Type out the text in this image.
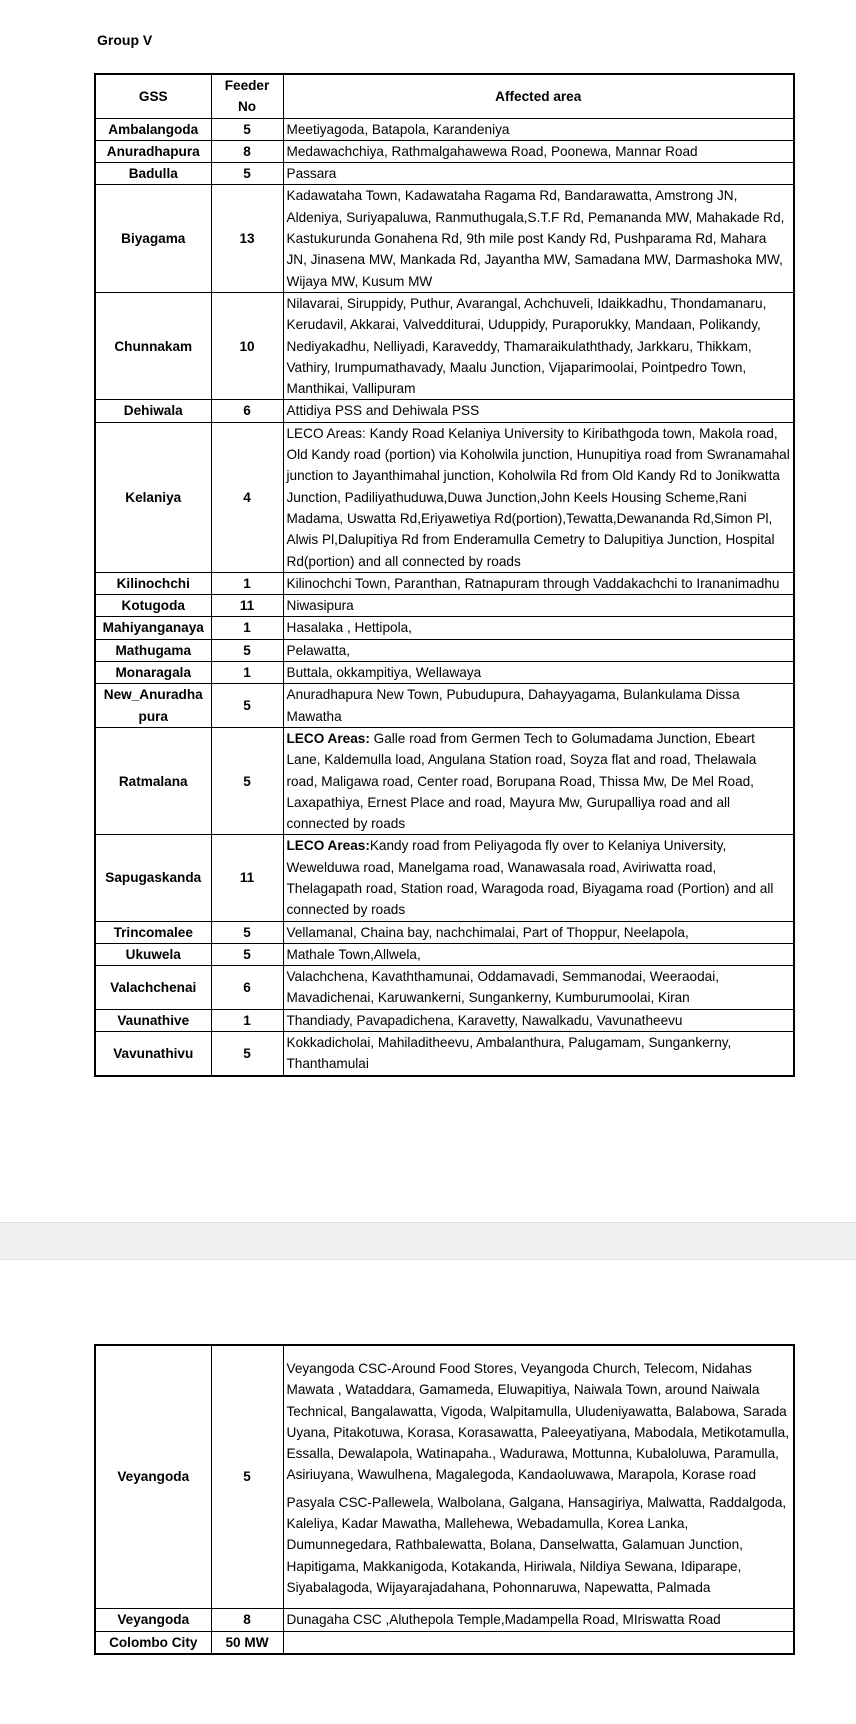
Group V
GSS	Feeder No	Affected area
Ambalangoda	5	Meetiyagoda, Batapola, Karandeniya
Anuradhapura	8	Medawachchiya, Rathmalgahawewa Road, Poonewa, Mannar Road
Badulla	5	Passara
Biyagama	13	Kadawataha Town, Kadawataha Ragama Rd, Bandarawatta, Amstrong JN, Aldeniya, Suriyapaluwa, Ranmuthugala,S.T.F Rd, Pemananda MW, Mahakade Rd, Kastukurunda Gonahena Rd, 9th mile post Kandy Rd, Pushparama Rd, Mahara JN, Jinasena MW, Mankada Rd, Jayantha MW, Samadana MW, Darmashoka MW, Wijaya MW, Kusum MW
Chunnakam	10	Nilavarai, Siruppidy, Puthur, Avarangal, Achchuveli, Idaikkadhu, Thondamanaru, Kerudavil, Akkarai, Valvedditurai, Uduppidy, Puraporukky, Mandaan, Polikandy, Nediyakadhu, Nelliyadi, Karaveddy, Thamaraikulaththady, Jarkkaru, Thikkam, Vathiry, Irumpumathavady, Maalu Junction, Vijaparimoolai, Pointpedro Town, Manthikai, Vallipuram
Dehiwala	6	Attidiya PSS and Dehiwala PSS
Kelaniya	4	LECO Areas: Kandy Road Kelaniya University to Kiribathgoda town, Makola road, Old Kandy road (portion) via Koholwila junction, Hunupitiya road from Swranamahal junction to Jayanthimahal junction, Koholwila Rd from Old Kandy Rd to Jonikwatta Junction, Padiliyathuduwa,Duwa Junction,John Keels Housing Scheme,Rani Madama, Uswatta Rd,Eriyawetiya Rd(portion),Tewatta,Dewananda Rd,Simon Pl, Alwis Pl,Dalupitiya Rd from Enderamulla Cemetry to Dalupitiya Junction, Hospital Rd(portion) and all connected by roads
Kilinochchi	1	Kilinochchi Town, Paranthan, Ratnapuram through Vaddakachchi to Irananimadhu
Kotugoda	11	Niwasipura
Mahiyanganaya	1	Hasalaka , Hettipola,
Mathugama	5	Pelawatta,
Monaragala	1	Buttala, okkampitiya, Wellawaya
New_Anuradha pura	5	Anuradhapura New Town, Pubudupura, Dahayyagama, Bulankulama Dissa Mawatha
Ratmalana	5	LECO Areas: Galle road from Germen Tech to Golumadama Junction, Ebeart Lane, Kaldemulla load, Angulana Station road, Soyza flat and road, Thelawala road, Maligawa road, Center road, Borupana Road, Thissa Mw, De Mel Road, Laxapathiya, Ernest Place and road, Mayura Mw, Gurupalliya road and all connected by roads
Sapugaskanda	11	LECO Areas:Kandy road from Peliyagoda fly over to Kelaniya University, Wewelduwa road, Manelgama road, Wanawasala road, Aviriwatta road, Thelagapath road, Station road, Waragoda road, Biyagama road (Portion) and all connected by roads
Trincomalee	5	Vellamanal, Chaina bay, nachchimalai, Part of Thoppur, Neelapola,
Ukuwela	5	Mathale Town,Allwela,
Valachchenai	6	Valachchena, Kavaththamunai, Oddamavadi, Semmanodai, Weeraodai, Mavadichenai, Karuwankerni, Sungankerny, Kumburumoolai, Kiran
Vaunathive	1	Thandiady, Pavapadichena, Karavetty, Nawalkadu, Vavunatheevu
Vavunathivu	5	Kokkadicholai, Mahiladitheevu, Ambalanthura, Palugamam, Sungankerny, Thanthamulai
Veyangoda	5	Veyangoda CSC-Around Food Stores, Veyangoda Church, Telecom, Nidahas Mawata , Wataddara, Gamameda, Eluwapitiya, Naiwala Town, around Naiwala Technical, Bangalawatta, Vigoda, Walpitamulla, Uludeniyawatta, Balabowa, Sarada Uyana, Pitakotuwa, Korasa, Korasawatta, Paleeyatiyana, Mabodala, Metikotamulla, Essalla, Dewalapola, Watinapaha., Wadurawa, Mottunna, Kubaloluwa, Paramulla, Asiriuyana, Wawulhena, Magalegoda, Kandaoluwawa, Marapola, Korase road
Pasyala CSC-Pallewela, Walbolana, Galgana, Hansagiriya, Malwatta, Raddalgoda, Kaleliya, Kadar Mawatha, Mallehewa, Webadamulla, Korea Lanka, Dumunnegedara, Rathbalewatta, Bolana, Danselwatta, Galamuan Junction, Hapitigama, Makkanigoda, Kotakanda, Hiriwala, Nildiya Sewana, Idiparape, Siyabalagoda, Wijayarajadahana, Pohonnaruwa, Napewatta, Palmada

Veyangoda	8	Dunagaha CSC ,Aluthepola Temple,Madampella Road, MIriswatta Road
Colombo City	50 MW	
